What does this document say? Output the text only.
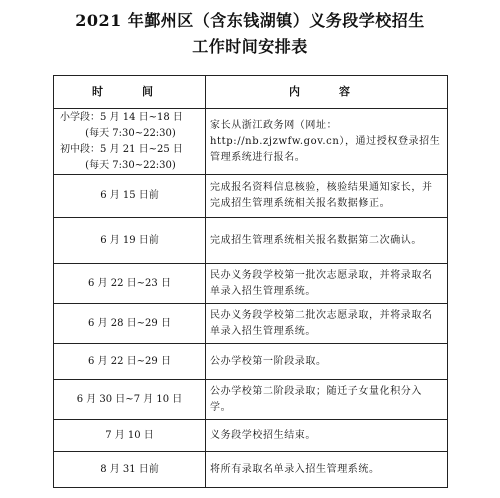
2021 年鄞州区（含东钱湖镇）义务段学校招生
工作时间安排表
时　间	内　容

小学段：5 月 14 日~18 日
(每天 7:30~22:30)
初中段：5 月 21 日~25 日
(每天 7:30~22:30)	家长从浙江政务网（网址：http://nb.zjzwfw.gov.cn），通过授权登录招生管理系统进行报名。
6 月 15 日前	完成报名资料信息核验，核验结果通知家长，并完成招生管理系统相关报名数据修正。
6 月 19 日前	完成招生管理系统相关报名数据第二次确认。
6 月 22 日~23 日	民办义务段学校第一批次志愿录取，并将录取名单录入招生管理系统。
6 月 28 日~29 日	民办义务段学校第二批次志愿录取，并将录取名单录入招生管理系统。
6 月 22 日~29 日	公办学校第一阶段录取。
6 月 30 日~7 月 10 日	公办学校第二阶段录取；随迁子女量化积分入学。
7 月 10 日	义务段学校招生结束。
8 月 31 日前	将所有录取名单录入招生管理系统。
